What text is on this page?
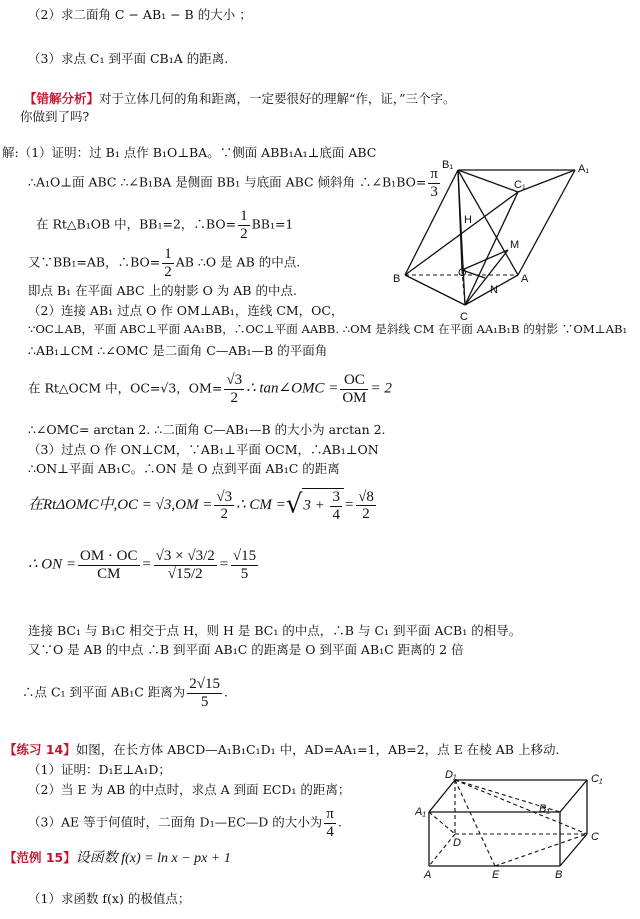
（2）求二面角 C − AB₁ − B 的大小 ；
（3）求点 C₁ 到平面 CB₁A 的距离.
【错解分析】对于立体几何的角和距离，一定要很好的理解“作，证，”三个字。
你做到了吗?
解:（1）证明：过 B₁ 点作 B₁O⊥BA。∵侧面 ABB₁A₁⊥底面 ABC
∴A₁O⊥面 ABC ∴∠B₁BA 是侧面 BB₁ 与底面 ABC 倾斜角 ∴∠B₁BO= $\frac{\pi}{3}$
在 Rt△B₁OB 中，BB₁=2，∴BO= $\frac{1}{2} BB_1=1$
又∵BB₁=AB，∴BO= $\frac{1}{2}$ AB ∴O 是 AB 的中点.
即点 B₁ 在平面 ABC 上的射影 O 为 AB 的中点.
（2）连接 AB₁ 过点 O 作 OM⊥AB₁，连线 CM，OC，
∵OC⊥AB，平面 ABC⊥平面 AA₁BB，∴OC⊥平面 AABB. ∴OM 是斜线 CM 在平面 AA₁B₁B 的射影 ∵OM⊥AB₁
∴AB₁⊥CM ∴∠OMC 是二面角 C—AB₁—B 的平面角
在 Rt△OCM 中，OC=√3，$OM= \frac{√3}{2}$ ∴ tan∠OMC = $\frac{OC}{OM} = 2$
∴∠OMC= arctan 2. ∴二面角 C—AB₁—B 的大小为 arctan 2.
（3）过点 O 作 ON⊥CM，∵AB₁⊥平面 OCM，∴AB₁⊥ON
∴ON⊥平面 AB₁C。∴ON 是 O 点到平面 AB₁C 的距离
在RtΔOMC中$,OC = √3,OM = \frac{√3}{2}$ ∴ CM $=√3 + \frac{3}{4} = \frac{√8}{2}$
∴ ON = $\frac{OM \cdot OC}{CM} = \frac{√3 \times √3/2}{√15/2} = \frac{√15}{5}$
连接 BC₁ 与 B₁C 相交于点 H，则 H 是 BC₁ 的中点，∴B 与 C₁ 到平面 ACB₁ 的相导。
又∵O 是 AB 的中点 ∴B 到平面 AB₁C 的距离是 O 到平面 AB₁C 距离的 2 倍
∴点 C₁ 到平面 AB₁C 距离为 $\frac{2√15}{5}$ .
【练习 14】如图，在长方体 ABCD—A₁B₁C₁D₁ 中，AD=AA₁=1，AB=2，点 E 在棱 AB 上移动.
（1）证明：D₁E⊥A₁D；
（2）当 E 为 AB 的中点时，求点 A 到面 ECD₁ 的距离；
（3）AE 等于何值时，二面角 D₁—EC—D 的大小为 $\frac{\pi}{4}$ .
【范例 15】设函数 f(x) = ln x − px + 1
（1）求函数 f(x) 的极值点；
B₁	A₁
C₁
H
M
O
B	A
N
C
D₁	C₁
A₁	B₁
D	C
A	E	B
